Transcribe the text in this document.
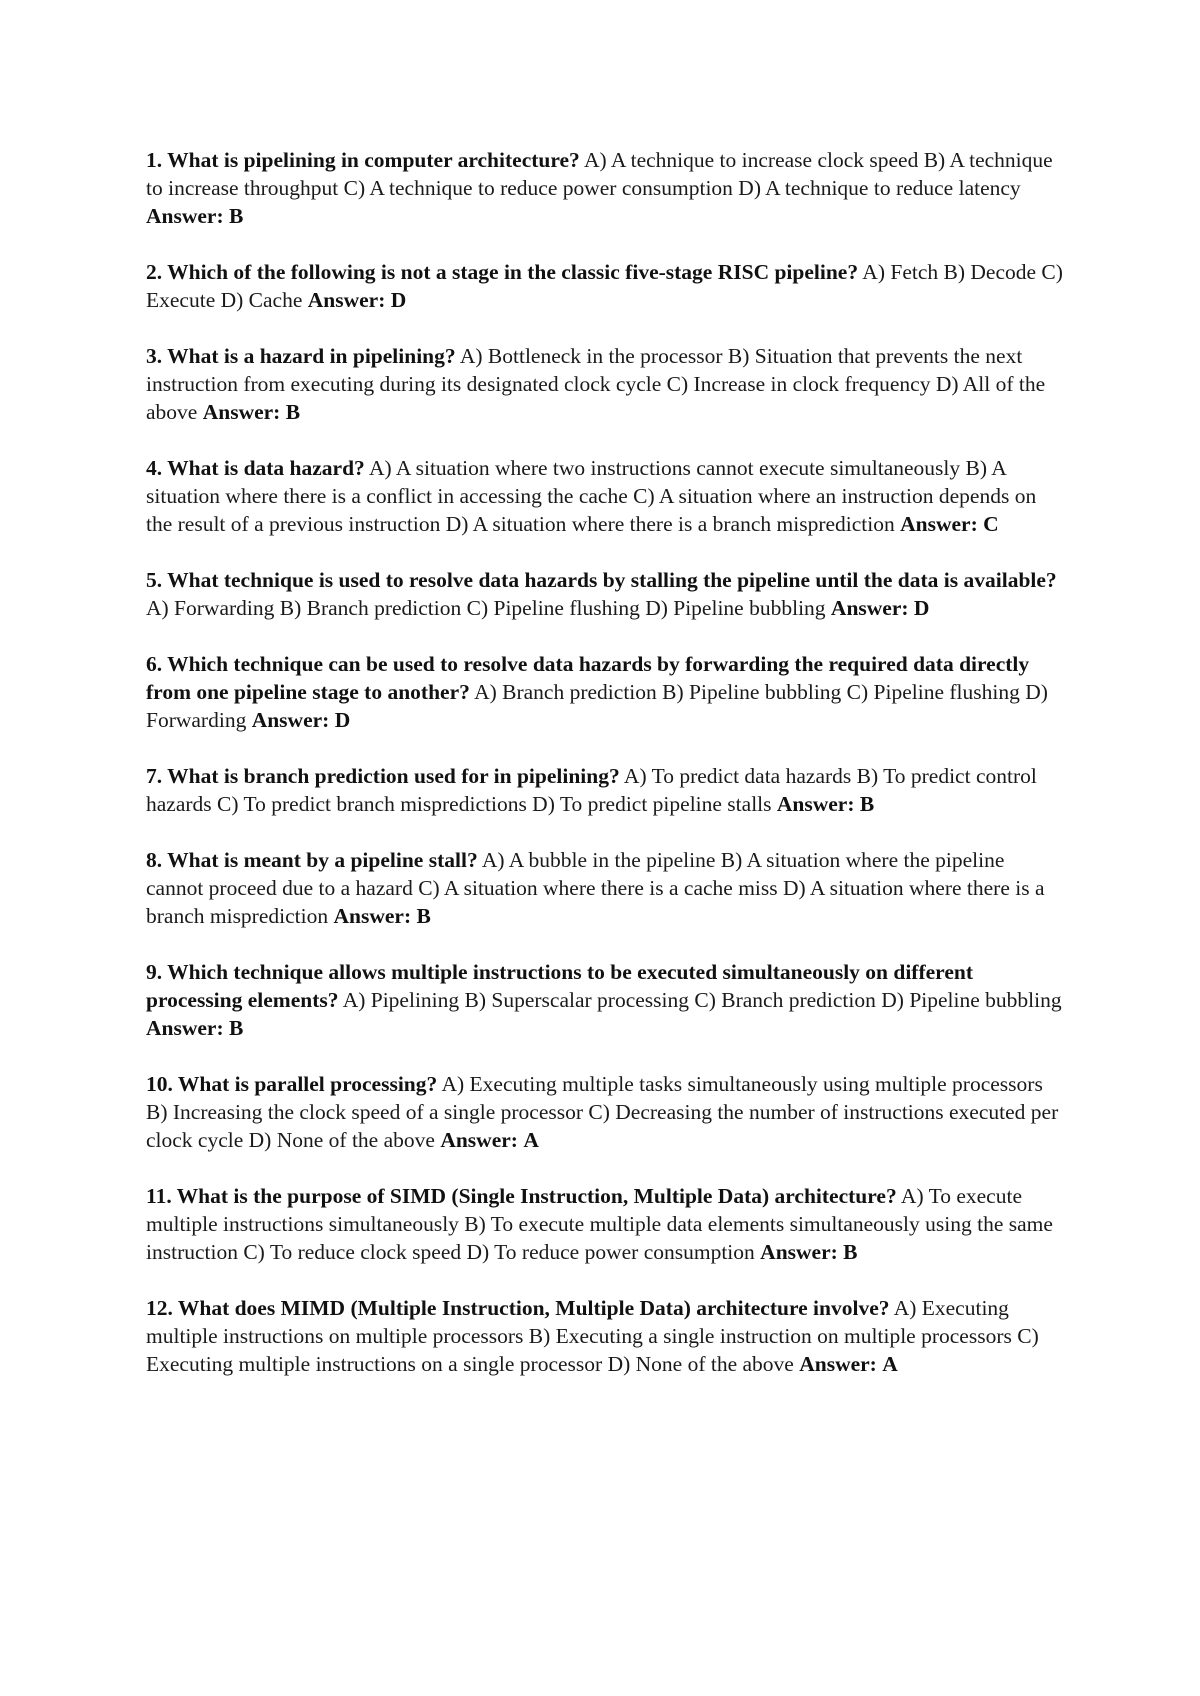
1. What is pipelining in computer architecture? A) A technique to increase clock speed B) A technique to increase throughput C) A technique to reduce power consumption D) A technique to reduce latency Answer: B

2. Which of the following is not a stage in the classic five-stage RISC pipeline? A) Fetch B) Decode C) Execute D) Cache Answer: D

3. What is a hazard in pipelining? A) Bottleneck in the processor B) Situation that prevents the next instruction from executing during its designated clock cycle C) Increase in clock frequency D) All of the above Answer: B

4. What is data hazard? A) A situation where two instructions cannot execute simultaneously B) A situation where there is a conflict in accessing the cache C) A situation where an instruction depends on the result of a previous instruction D) A situation where there is a branch misprediction Answer: C

5. What technique is used to resolve data hazards by stalling the pipeline until the data is available? A) Forwarding B) Branch prediction C) Pipeline flushing D) Pipeline bubbling Answer: D

6. Which technique can be used to resolve data hazards by forwarding the required data directly from one pipeline stage to another? A) Branch prediction B) Pipeline bubbling C) Pipeline flushing D) Forwarding Answer: D

7. What is branch prediction used for in pipelining? A) To predict data hazards B) To predict control hazards C) To predict branch mispredictions D) To predict pipeline stalls Answer: B

8. What is meant by a pipeline stall? A) A bubble in the pipeline B) A situation where the pipeline cannot proceed due to a hazard C) A situation where there is a cache miss D) A situation where there is a branch misprediction Answer: B

9. Which technique allows multiple instructions to be executed simultaneously on different processing elements? A) Pipelining B) Superscalar processing C) Branch prediction D) Pipeline bubbling Answer: B

10. What is parallel processing? A) Executing multiple tasks simultaneously using multiple processors B) Increasing the clock speed of a single processor C) Decreasing the number of instructions executed per clock cycle D) None of the above Answer: A

11. What is the purpose of SIMD (Single Instruction, Multiple Data) architecture? A) To execute multiple instructions simultaneously B) To execute multiple data elements simultaneously using the same instruction C) To reduce clock speed D) To reduce power consumption Answer: B

12. What does MIMD (Multiple Instruction, Multiple Data) architecture involve? A) Executing multiple instructions on multiple processors B) Executing a single instruction on multiple processors C) Executing multiple instructions on a single processor D) None of the above Answer: A
